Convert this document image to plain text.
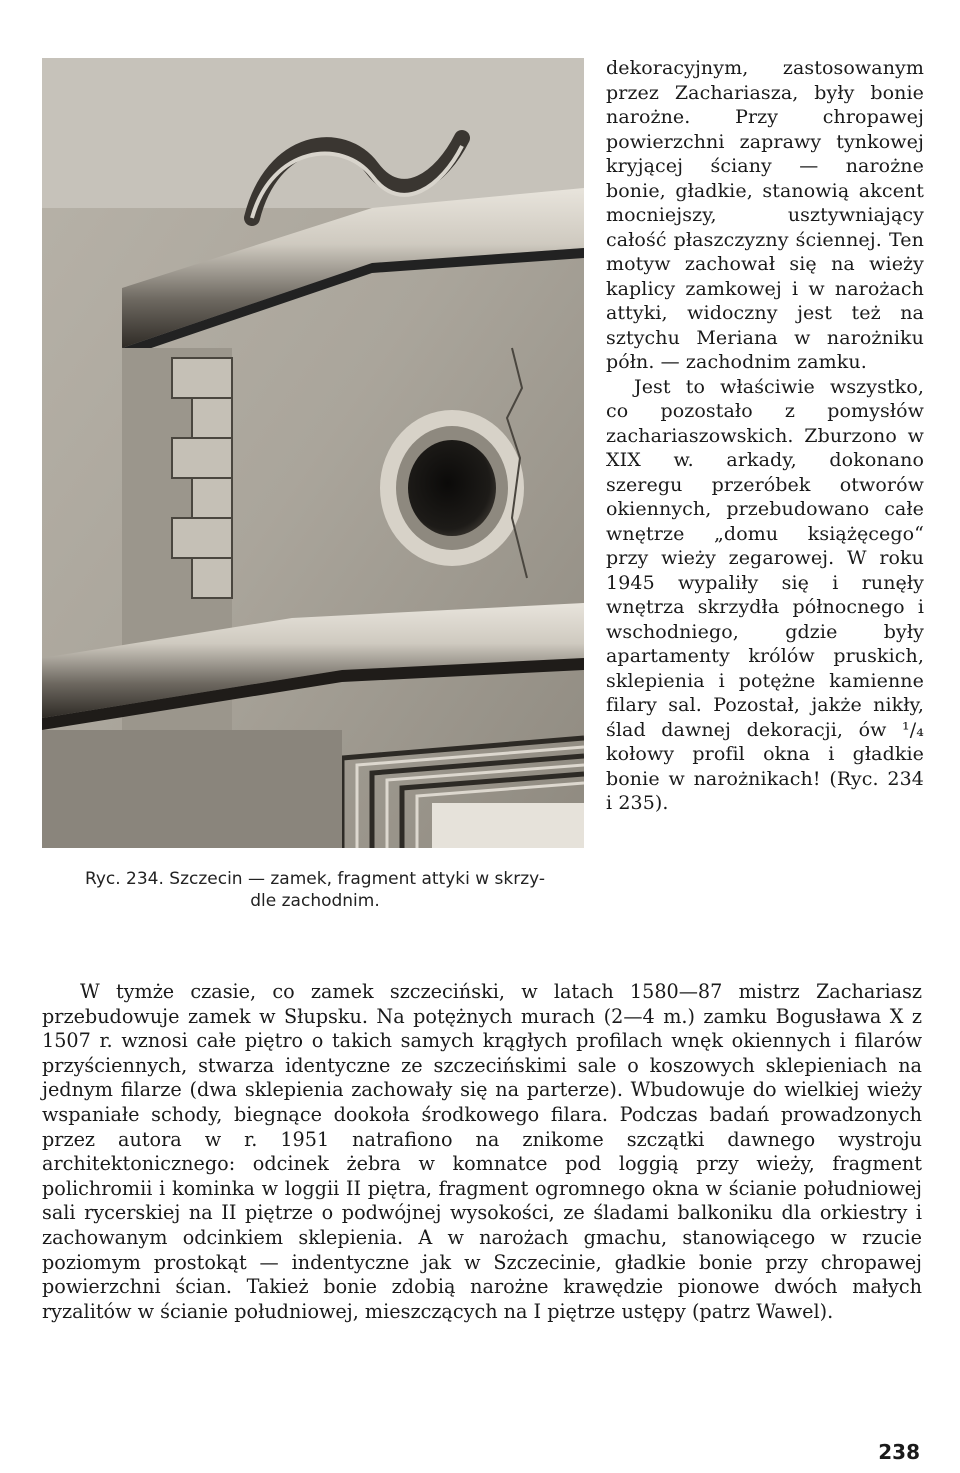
Ryc. 234. Szczecin — zamek, fragment attyki w skrzy-
dle zachodnim.

dekoracyjnym, zastosowanym przez Zachariasza, były bonie narożne. Przy chropawej powierzchni zaprawy tynkowej kryjącej ściany — narożne bonie, gładkie, stanowią akcent mocniejszy, usztywniający całość płaszczyzny ściennej. Ten motyw zachował się na wieży kaplicy zamkowej i w narożach attyki, widoczny jest też na sztychu Meriana w narożniku półn. — zachodnim zamku.

Jest to właściwie wszystko, co pozostało z pomysłów zachariaszowskich. Zburzono w XIX w. arkady, dokonano szeregu przeróbek otworów okiennych, przebudowano całe wnętrze „domu książęcego“ przy wieży zegarowej. W roku 1945 wypaliły się i runęły wnętrza skrzydła północnego i wschodniego, gdzie były apartamenty królów pruskich, sklepienia i potężne kamienne filary sal. Pozostał, jakże nikły, ślad dawnej dekoracji, ów ¹/₄ kołowy profil okna i gładkie bonie w narożnikach! (Ryc. 234 i 235).

W tymże czasie, co zamek szczeciński, w latach 1580—87 mistrz Zachariasz przebudowuje zamek w Słupsku. Na potężnych murach (2—4 m.) zamku Bogusława X z 1507 r. wznosi całe piętro o takich samych krągłych profilach wnęk okiennych i filarów przyściennych, stwarza identyczne ze szczecińskimi sale o koszowych sklepieniach na jednym filarze (dwa sklepienia zachowały się na parterze). Wbudowuje do wielkiej wieży wspaniałe schody, biegnące dookoła środkowego filara. Podczas badań prowadzonych przez autora w r. 1951 natrafiono na znikome szczątki dawnego wystroju architektonicznego: odcinek żebra w komnatce pod loggią przy wieży, fragment polichromii i kominka w loggii II piętra, fragment ogromnego okna w ścianie południowej sali rycerskiej na II piętrze o podwójnej wysokości, ze śladami balkoniku dla orkiestry i zachowanym odcinkiem sklepienia. A w narożach gmachu, stanowiącego w rzucie poziomym prostokąt — indentyczne jak w Szczecinie, gładkie bonie przy chropawej powierzchni ścian. Takież bonie zdobią narożne krawędzie pionowe dwóch małych ryzalitów w ścianie południowej, mieszczących na I piętrze ustępy (patrz Wawel).

238
